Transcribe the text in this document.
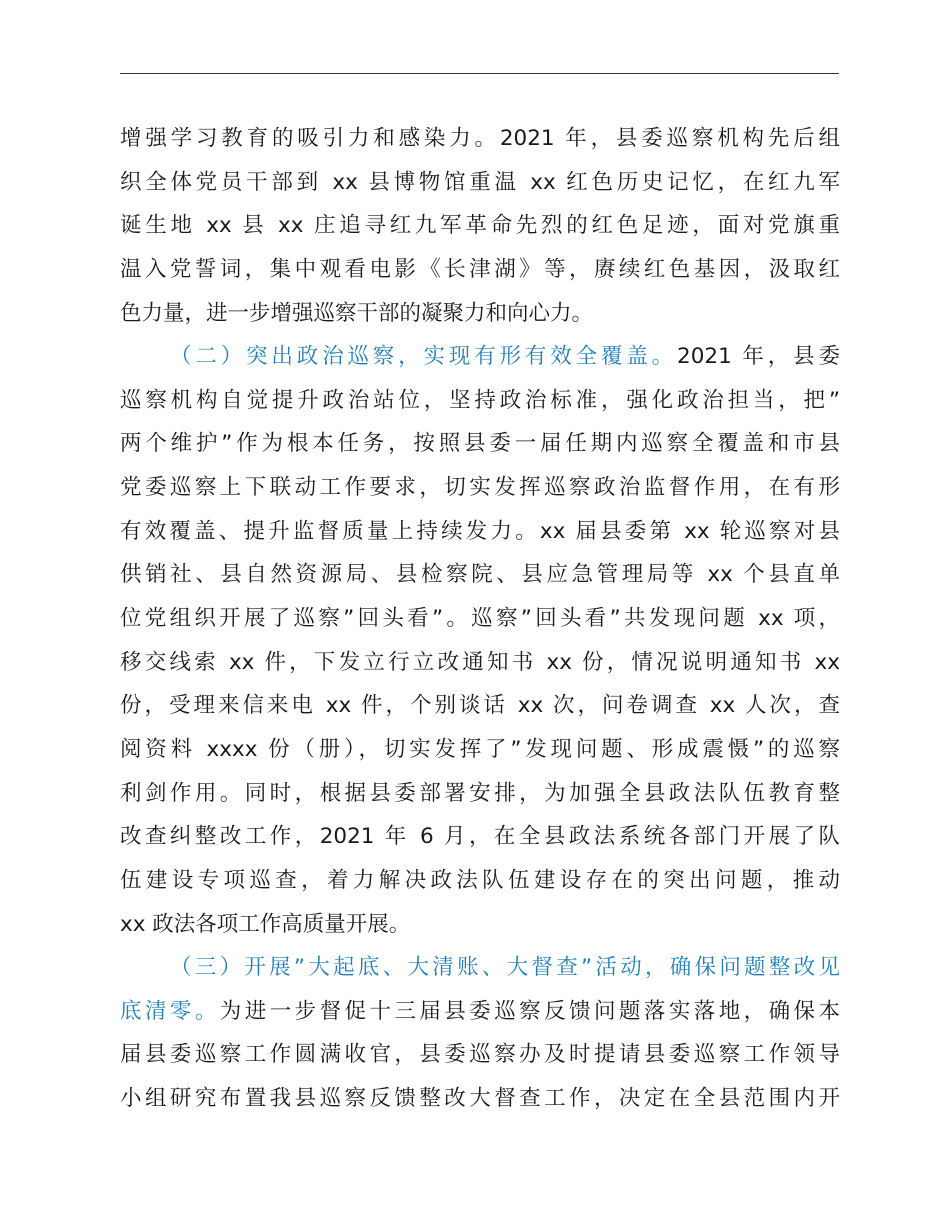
增强学习教育的吸引力和感染力。2021 年，县委巡察机构先后组
织全体党员干部到 xx 县博物馆重温 xx 红色历史记忆，在红九军
诞生地 xx 县 xx 庄追寻红九军革命先烈的红色足迹，面对党旗重
温入党誓词，集中观看电影《长津湖》等，赓续红色基因，汲取红
色力量，进一步增强巡察干部的凝聚力和向心力。
（二）突出政治巡察，实现有形有效全覆盖。2021 年，县委
巡察机构自觉提升政治站位，坚持政治标准，强化政治担当，把”
两个维护”作为根本任务，按照县委一届任期内巡察全覆盖和市县
党委巡察上下联动工作要求，切实发挥巡察政治监督作用，在有形
有效覆盖、提升监督质量上持续发力。xx 届县委第 xx 轮巡察对县
供销社、县自然资源局、县检察院、县应急管理局等 xx 个县直单
位党组织开展了巡察”回头看”。巡察”回头看”共发现问题 xx 项，
移交线索 xx 件，下发立行立改通知书 xx 份，情况说明通知书 xx
份，受理来信来电 xx 件，个别谈话 xx 次，问卷调查 xx 人次，查
阅资料 xxxx 份（册），切实发挥了”发现问题、形成震慑”的巡察
利剑作用。同时，根据县委部署安排，为加强全县政法队伍教育整
改查纠整改工作，2021 年 6 月，在全县政法系统各部门开展了队
伍建设专项巡查，着力解决政法队伍建设存在的突出问题，推动
xx 政法各项工作高质量开展。
（三）开展”大起底、大清账、大督查”活动，确保问题整改见
底清零。为进一步督促十三届县委巡察反馈问题落实落地，确保本
届县委巡察工作圆满收官，县委巡察办及时提请县委巡察工作领导
小组研究布置我县巡察反馈整改大督查工作，决定在全县范围内开
